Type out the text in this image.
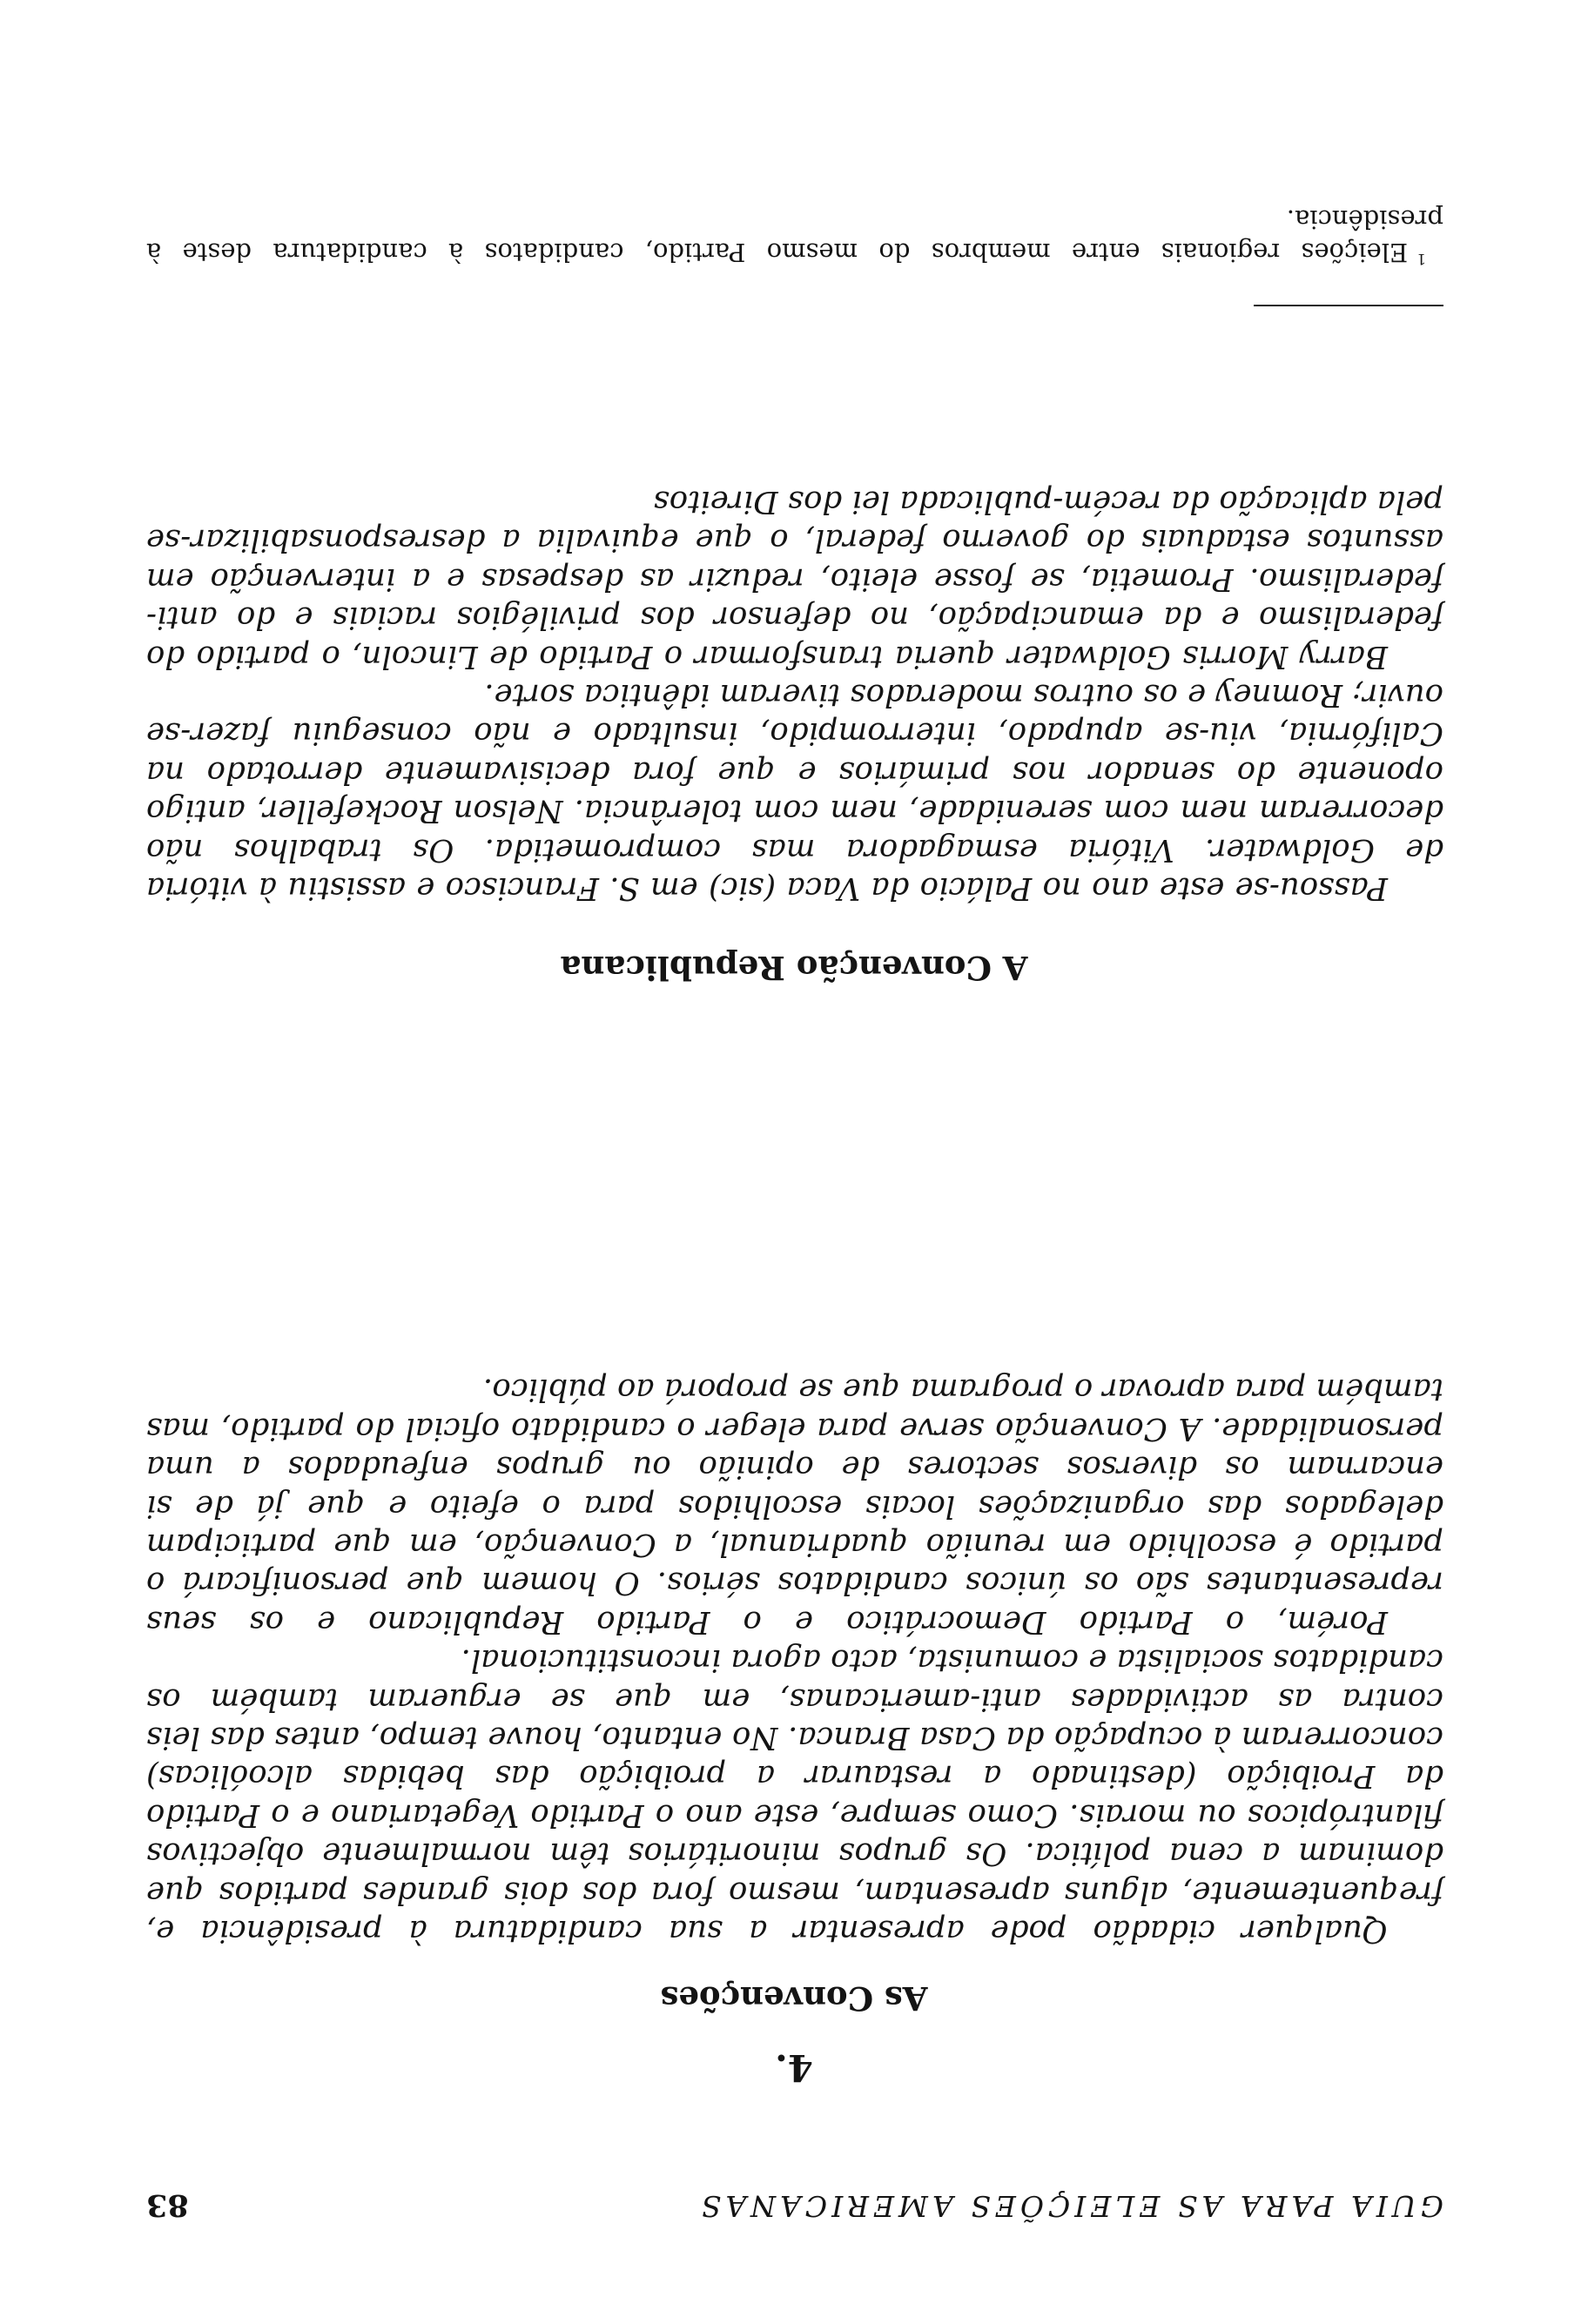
GUIA PARA AS ELEIÇÕES AMERICANAS
83
4.
As Convenções

Qualquer cidadão pode apresentar a sua candidatura à presidência e, frequentemente, alguns apresentam, mesmo fora dos dois grandes partidos que dominam a cena política. Os grupos minoritários têm normalmente objectivos filantrópicos ou morais. Como sempre, este ano o Partido Vegetariano e o Partido da Proibição (destinado a restaurar a proibição das bebidas alcoólicas) concorreram à ocupação da Casa Branca. No entanto, houve tempo, antes das leis contra as actividades anti-americanas, em que se ergueram também os candidatos socialista e comunista, acto agora inconstitucional.

Porém, o Partido Democrático e o Partido Republicano e os seus representantes são os únicos candidatos sérios. O homem que personificará o partido é escolhido em reunião quadrianual, a Convenção, em que participam delegados das organizações locais escolhidos para o efeito e que já de si encarnam os diversos sectores de opinião ou grupos enfeudados a uma personalidade. A Convenção serve para eleger o candidato oficial do partido, mas também para aprovar o programa que se proporá ao público.

A Convenção Republicana

Passou-se este ano no Palácio da Vaca (sic) em S. Francisco e assistiu à vitória de Goldwater. Vitória esmagadora mas comprometida. Os trabalhos não decorreram nem com serenidade, nem com tolerância. Nelson Rockefeller, antigo oponente do senador nos primários e que fora decisivamente derrotado na Califórnia, viu-se apupado, interrompido, insultado e não conseguiu fazer-se ouvir; Romney e os outros moderados tiveram idêntica sorte.

Barry Morris Goldwater queria transformar o Partido de Lincoln, o partido do federalismo e da emancipação, no defensor dos privilégios raciais e do anti-federalismo. Prometia, se fosse eleito, reduzir as despesas e a intervenção em assuntos estaduais do governo federal, o que equivalia a desresponsabilizar-se pela aplicação da recém-publicada lei dos Direitos

$^1$Eleições regionais entre membros do mesmo Partido, candidatos à candidatura deste à presidência.
